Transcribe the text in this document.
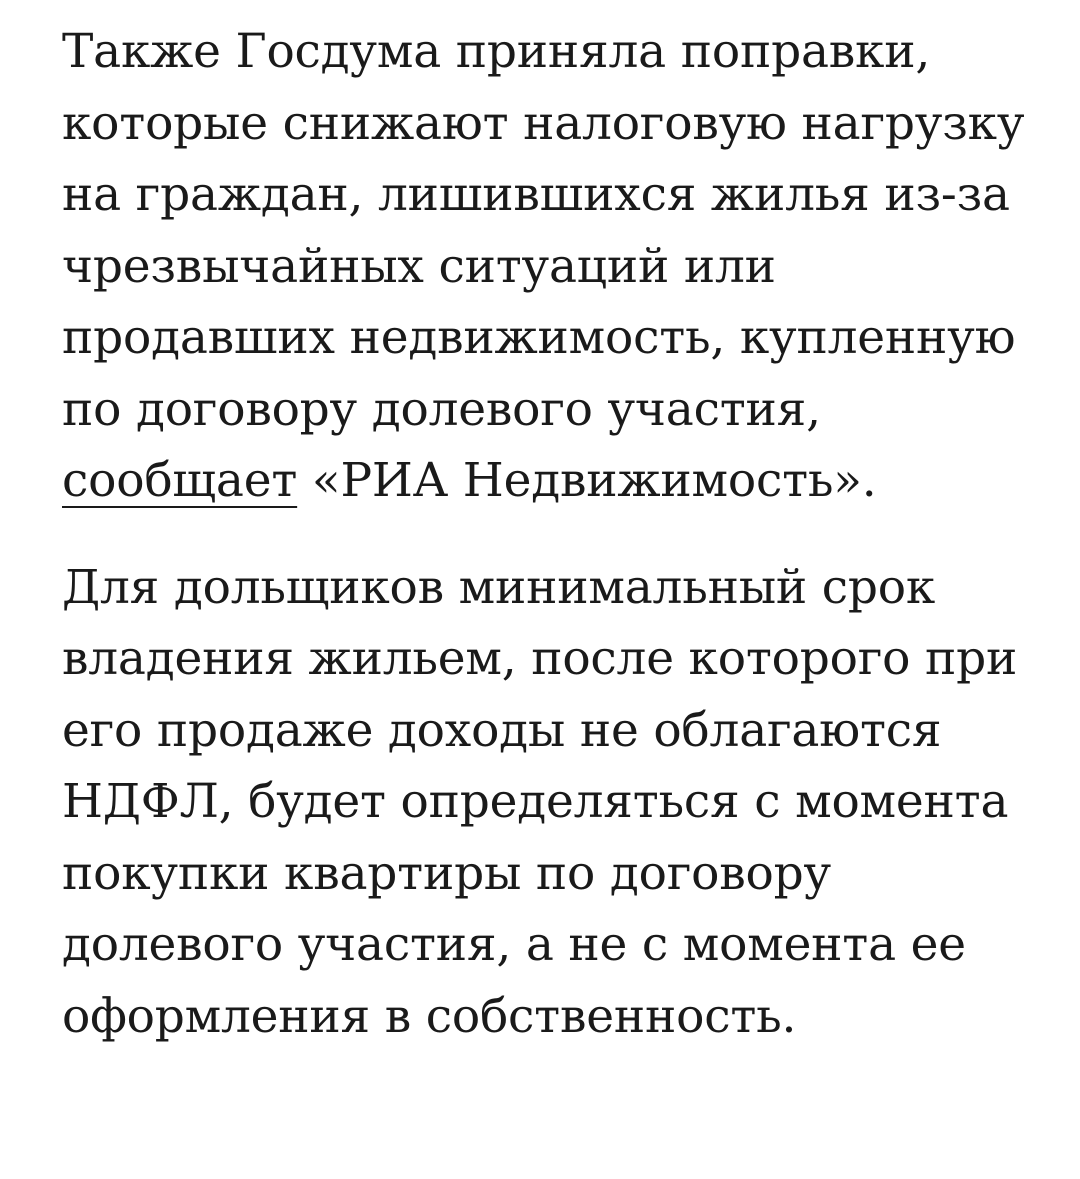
Также Госдума приняла поправки, которые снижают налоговую нагрузку на граждан, лишившихся жилья из-за чрезвычайных ситуаций или продавших недвижимость, купленную по договору долевого участия, сообщает «РИА Недвижимость».

Для дольщиков минимальный срок владения жильем, после которого при его продаже доходы не облагаются НДФЛ, будет определяться с момента покупки квартиры по договору долевого участия, а не с момента ее оформления в собственность.
